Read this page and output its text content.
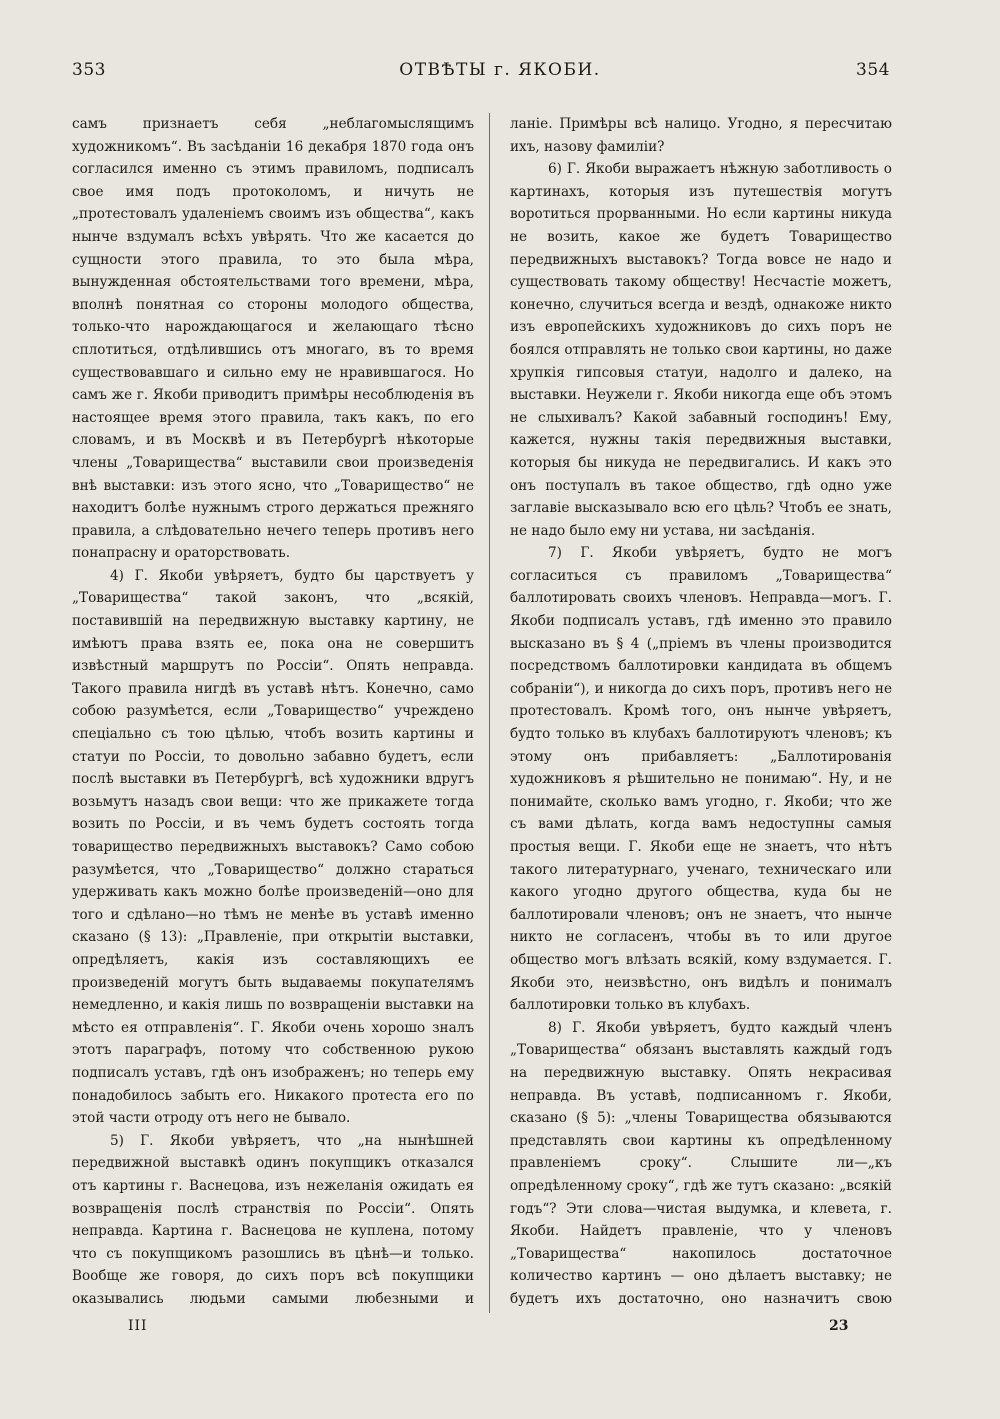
353	ОТВѢТЫ г. ЯКОБИ.	354

самъ признаетъ себя „неблагомыслящимъ художникомъ“. Въ засѣданіи 16 декабря 1870 года онъ согласился именно съ этимъ правиломъ, подписалъ свое имя подъ протоколомъ, и ничуть не „протестовалъ удаленіемъ своимъ изъ общества“, какъ нынче вздумалъ всѣхъ увѣрять. Что же касается до сущности этого правила, то это была мѣра, вынужденная обстоятельствами того времени, мѣра, вполнѣ понятная со стороны молодого общества, только-что нарождающагося и желающаго тѣсно сплотиться, отдѣлившись отъ многаго, въ то время существовавшаго и сильно ему не нравившагося. Но самъ же г. Якоби приводитъ примѣры несоблюденія въ настоящее время этого правила, такъ какъ, по его словамъ, и въ Москвѣ и въ Петербургѣ нѣкоторые члены „Товарищества“ выставили свои произведенія внѣ выставки: изъ этого ясно, что „Товарищество“ не находитъ болѣе нужнымъ строго держаться прежняго правила, а слѣдовательно нечего теперь противъ него понапрасну и ораторствовать.

4) Г. Якоби увѣряетъ, будто бы царствуетъ у „Товарищества“ такой законъ, что „всякій, поставившій на передвижную выставку картину, не имѣютъ права взять ее, пока она не совершитъ извѣстный маршрутъ по Россіи“. Опять неправда. Такого правила нигдѣ въ уставѣ нѣтъ. Конечно, само собою разумѣется, если „Товарищество“ учреждено спеціально съ тою цѣлью, чтобъ возить картины и статуи по Россіи, то довольно забавно будетъ, если послѣ выставки въ Петербургѣ, всѣ художники вдругъ возьмутъ назадъ свои вещи: что же прикажете тогда возить по Россіи, и въ чемъ будетъ состоять тогда товарищество передвижныхъ выставокъ? Само собою разумѣется, что „Товарищество“ должно стараться удерживать какъ можно болѣе произведеній—оно для того и сдѣлано—но тѣмъ не менѣе въ уставѣ именно сказано (§ 13): „Правленіе, при открытіи выставки, опредѣляетъ, какія изъ составляющихъ ее произведеній могутъ быть выдаваемы покупателямъ немедленно, и какія лишь по возвращеніи выставки на мѣсто ея отправленія“. Г. Якоби очень хорошо зналъ этотъ параграфъ, потому что собственною рукою подписалъ уставъ, гдѣ онъ изображенъ; но теперь ему понадобилось забыть его. Никакого протеста его по этой части отроду отъ него не бывало.

5) Г. Якоби увѣряетъ, что „на нынѣшней передвижной выставкѣ одинъ покупщикъ отказался отъ картины г. Васнецова, изъ нежеланія ожидать ея возвращенія послѣ странствія по Россіи“. Опять неправда. Картина г. Васнецова не куплена, потому что съ покупщикомъ разошлись въ цѣнѣ—и только. Вообще же говоря, до сихъ поръ всѣ покупщики оказывались людьми самыми любезными и

ланіе. Примѣры всѣ налицо. Угодно, я пересчитаю ихъ, назову фамиліи?

6) Г. Якоби выражаетъ нѣжную заботливость о картинахъ, которыя изъ путешествія могутъ воротиться прорванными. Но если картины никуда не возить, какое же будетъ Товарищество передвижныхъ выставокъ? Тогда вовсе не надо и существовать такому обществу! Несчастіе можетъ, конечно, случиться всегда и вездѣ, однакоже никто изъ европейскихъ художниковъ до сихъ поръ не боялся отправлять не только свои картины, но даже хрупкія гипсовыя статуи, надолго и далеко, на выставки. Неужели г. Якоби никогда еще объ этомъ не слыхивалъ? Какой забавный господинъ! Ему, кажется, нужны такія передвижныя выставки, которыя бы никуда не передвигались. И какъ это онъ поступалъ въ такое общество, гдѣ одно уже заглавіе высказывало всю его цѣль? Чтобъ ее знать, не надо было ему ни устава, ни засѣданія.

7) Г. Якоби увѣряетъ, будто не могъ согласиться съ правиломъ „Товарищества“ баллотировать своихъ членовъ. Неправда—могъ. Г. Якоби подписалъ уставъ, гдѣ именно это правило высказано въ § 4 („пріемъ въ члены производится посредствомъ баллотировки кандидата въ общемъ собраніи“), и никогда до сихъ поръ, противъ него не протестовалъ. Кромѣ того, онъ нынче увѣряетъ, будто только въ клубахъ баллотируютъ членовъ; къ этому онъ прибавляетъ: „Баллотированія художниковъ я рѣшительно не понимаю“. Ну, и не понимайте, сколько вамъ угодно, г. Якоби; что же съ вами дѣлать, когда вамъ недоступны самыя простыя вещи. Г. Якоби еще не знаетъ, что нѣтъ такого литературнаго, ученаго, техническаго или какого угодно другого общества, куда бы не баллотировали членовъ; онъ не знаетъ, что нынче никто не согласенъ, чтобы въ то или другое общество могъ влѣзать всякій, кому вздумается. Г. Якоби это, неизвѣстно, онъ видѣлъ и понималъ баллотировки только въ клубахъ.

8) Г. Якоби увѣряетъ, будто каждый членъ „Товарищества“ обязанъ выставлять каждый годъ на передвижную выставку. Опять некрасивая неправда. Въ уставѣ, подписанномъ г. Якоби, сказано (§ 5): „члены Товарищества обязываются представлять свои картины къ опредѣленному правленіемъ сроку“. Слышите ли—„къ опредѣленному сроку“, гдѣ же тутъ сказано: „всякій годъ“? Эти слова—чистая выдумка, и клевета, г. Якоби. Найдетъ правленіе, что у членовъ „Товарищества“ накопилось достаточное количество картинъ — оно дѣлаетъ выставку; не будетъ ихъ достаточно, оно назначитъ свою

III	23
